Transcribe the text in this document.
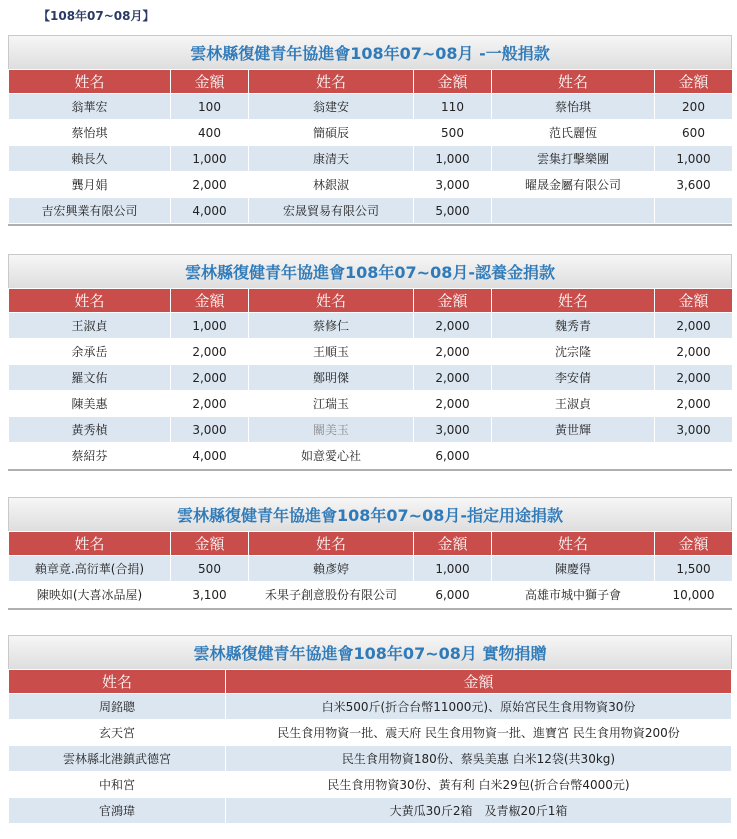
【108年07~08月】
雲林縣復健青年協進會108年07~08月 -一般捐款
姓名	金額	姓名	金額	姓名	金額
翁華宏	100	翁建安	110	蔡怡琪	200
蔡怡琪	400	簡碩辰	500	范氏麗恆	600
賴長久	1,000	康清天	1,000	雲集打擊樂團	1,000
龔月娟	2,000	林銀淑	3,000	曜晟金屬有限公司	3,600
吉宏興業有限公司	4,000	宏晟貿易有限公司	5,000		
雲林縣復健青年協進會108年07~08月-認養金捐款
姓名	金額	姓名	金額	姓名	金額
王淑貞	1,000	蔡修仁	2,000	魏秀青	2,000
余承岳	2,000	王順玉	2,000	沈宗隆	2,000
羅文佑	2,000	鄭明傑	2,000	李安倩	2,000
陳美惠	2,000	江瑞玉	2,000	王淑貞	2,000
黃秀楨	3,000	關美玉	3,000	黃世輝	3,000
蔡紹芬	4,000	如意愛心社	6,000		
雲林縣復健青年協進會108年07~08月-指定用途捐款
姓名	金額	姓名	金額	姓名	金額
賴章竟.高衍華(合捐)	500	賴彥婷	1,000	陳慶得	1,500
陳映如(大喜冰品屋)	3,100	禾果子創意股份有限公司	6,000	高雄市城中獅子會	10,000
雲林縣復健青年協進會108年07~08月 實物捐贈
姓名	金額
周銘聰	白米500斤(折合台幣11000元)、原始宮民生食用物資30份
玄天宮	民生食用物資一批、震天府 民生食用物資一批、進寶宮 民生食用物資200份
雲林縣北港鎮武德宮	民生食用物資180份、蔡吳美惠 白米12袋(共30kg)
中和宮	民生食用物資30份、黃有利 白米29包(折合台幣4000元)
官鴻瑋	大黃瓜30斤2箱　及青椒20斤1箱
